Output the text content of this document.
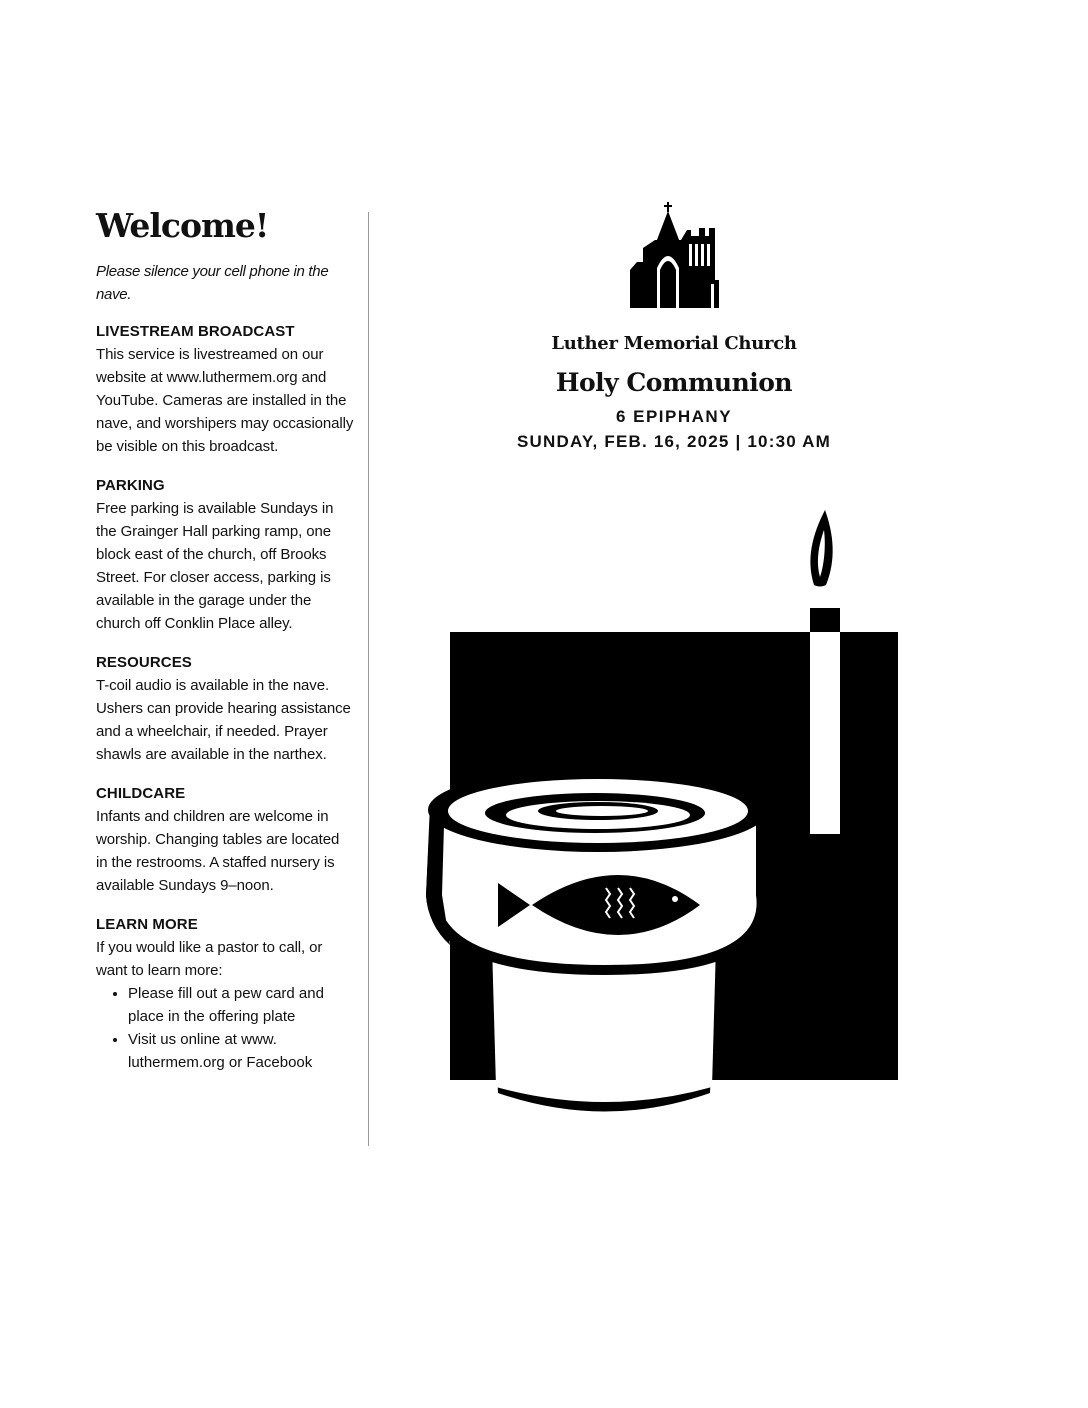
Welcome!

Please silence your cell phone in the nave.

LIVESTREAM BROADCAST

This service is livestreamed on our website at www.luthermem.org and YouTube. Cameras are installed in the nave, and worshipers may occasionally be visible on this broadcast.

PARKING

Free parking is available Sundays in the Grainger Hall parking ramp, one block east of the church, off Brooks Street. For closer access, parking is available in the garage under the church off Conklin Place alley.

RESOURCES

T-coil audio is available in the nave. Ushers can provide hearing assistance and a wheelchair, if needed. Prayer shawls are available in the narthex.

CHILDCARE

Infants and children are welcome in worship. Changing tables are located in the restrooms. A staffed nursery is available Sundays 9–noon.

LEARN MORE

If you would like a pastor to call, or want to learn more:

• Please fill out a pew card and place in the offering plate
• Visit us online at www. luthermem.org or Facebook
Luther Memorial Church
Holy Communion
6 EPIPHANY
SUNDAY, FEB. 16, 2025 | 10:30 AM
